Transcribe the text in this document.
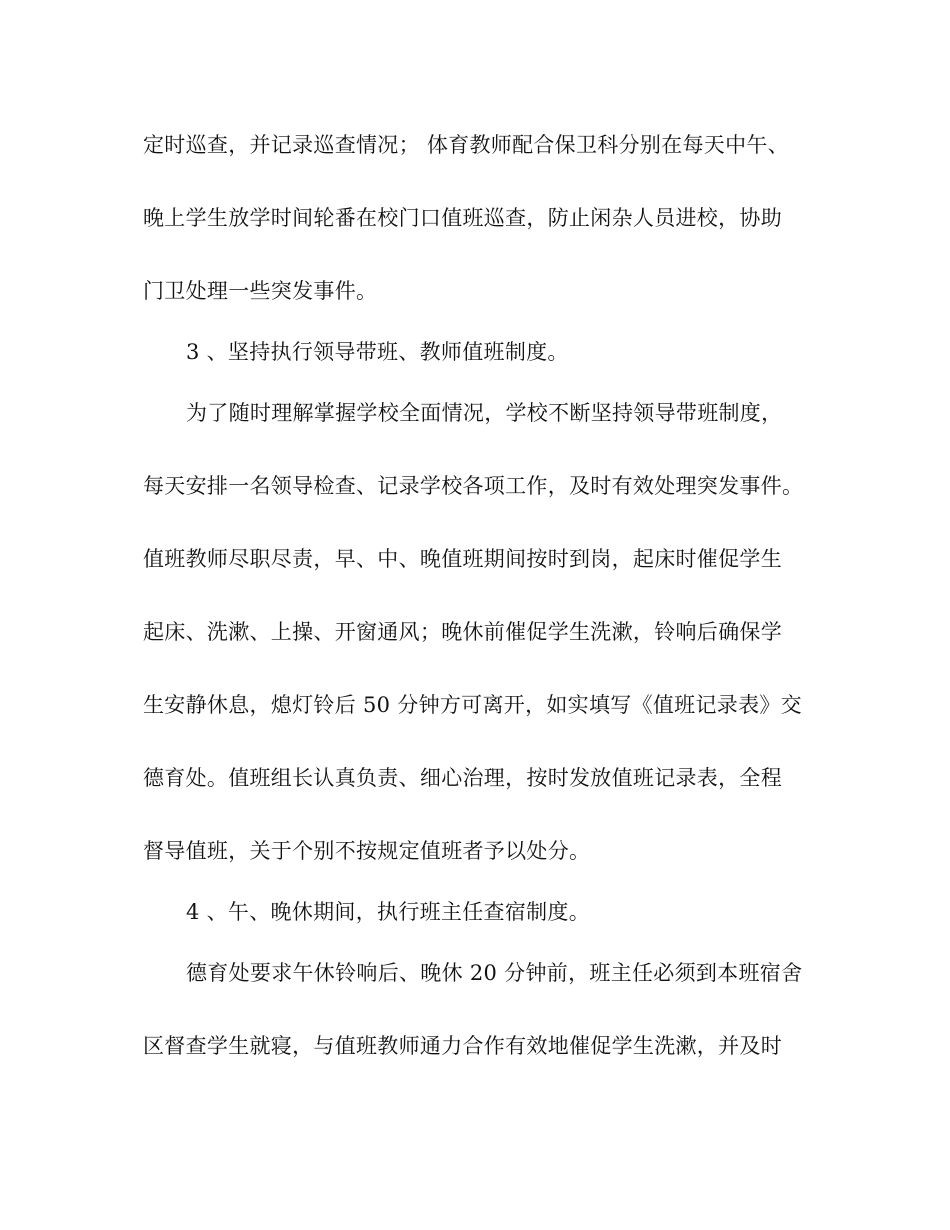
定时巡查，并记录巡查情况； 体育教师配合保卫科分别在每天中午、
晚上学生放学时间轮番在校门口值班巡查，防止闲杂人员进校，协助
门卫处理一些突发事件。
3 、坚持执行领导带班、教师值班制度。
为了随时理解掌握学校全面情况，学校不断坚持领导带班制度，
每天安排一名领导检查、记录学校各项工作，及时有效处理突发事件。
值班教师尽职尽责，早、中、晚值班期间按时到岗，起床时催促学生
起床、洗漱、上操、开窗通风；晚休前催促学生洗漱，铃响后确保学
生安静休息，熄灯铃后 50 分钟方可离开，如实填写《值班记录表》交
德育处。值班组长认真负责、细心治理，按时发放值班记录表，全程
督导值班，关于个别不按规定值班者予以处分。
4 、午、晚休期间，执行班主任查宿制度。
德育处要求午休铃响后、晚休 20 分钟前，班主任必须到本班宿舍
区督查学生就寝，与值班教师通力合作有效地催促学生洗漱，并及时
